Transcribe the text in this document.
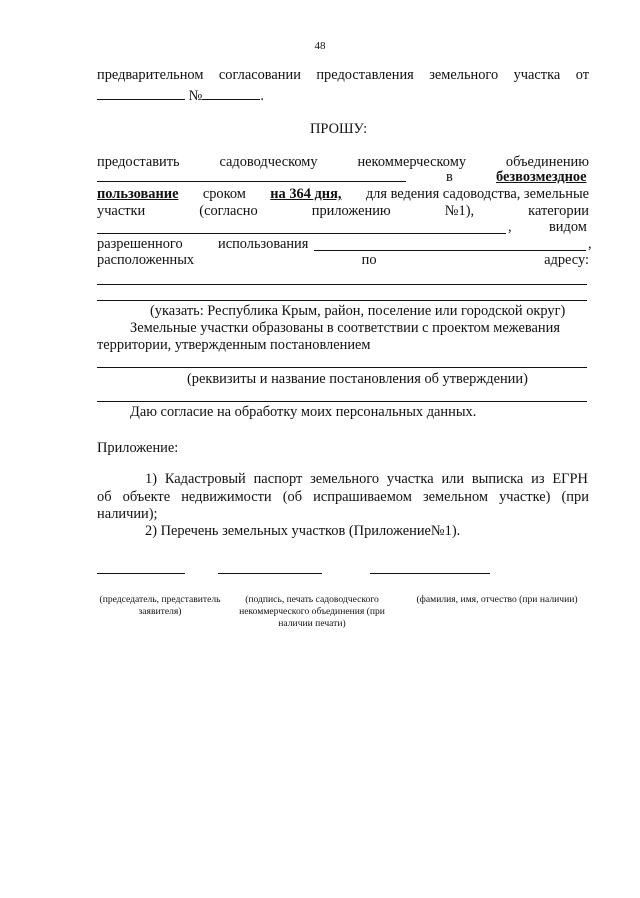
48
предварительном согласовании предоставления земельного участка от
№	.
ПРОШУ:
предоставить	садоводческому	некоммерческому	объединению
в	безвозмездное
пользование сроком на 364 дня, для ведения садоводства, земельные
участки	(согласно	приложению	№1),	категории
,	видом
разрешенного использования	,
расположенных	по	адресу:
(указать: Республика Крым, район, поселение или городской округ)
Земельные участки образованы в соответствии с проектом межевания
территории, утвержденным постановлением
(реквизиты и название постановления об утверждении)
Даю согласие на обработку моих персональных данных.
Приложение:
1) Кадастровый паспорт земельного участка или выписка из ЕГРН
об объекте недвижимости (об испрашиваемом земельном участке) (при
наличии);
2) Перечень земельных участков (Приложение№1).
(председатель, представитель
заявителя)
(подпись, печать садоводческого
некоммерческого объединения (при
наличии печати)
(фамилия, имя, отчество (при наличии)
